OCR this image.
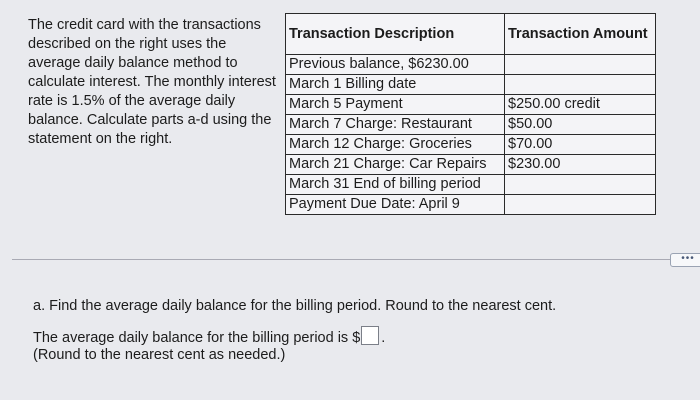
The credit card with the transactions described on the right uses the average daily balance method to calculate interest. The monthly interest rate is 1.5% of the average daily balance. Calculate parts a-d using the statement on the right.

Transaction Description	Transaction Amount
Previous balance, $6230.00	
March 1 Billing date	
March 5 Payment	$250.00 credit
March 7 Charge: Restaurant	$50.00
March 12 Charge: Groceries	$70.00
March 21 Charge: Car Repairs	$230.00
March 31 End of billing period	
Payment Due Date: April 9	
•••

a. Find the average daily balance for the billing period. Round to the nearest cent.

The average daily balance for the billing period is $ .

(Round to the nearest cent as needed.)
